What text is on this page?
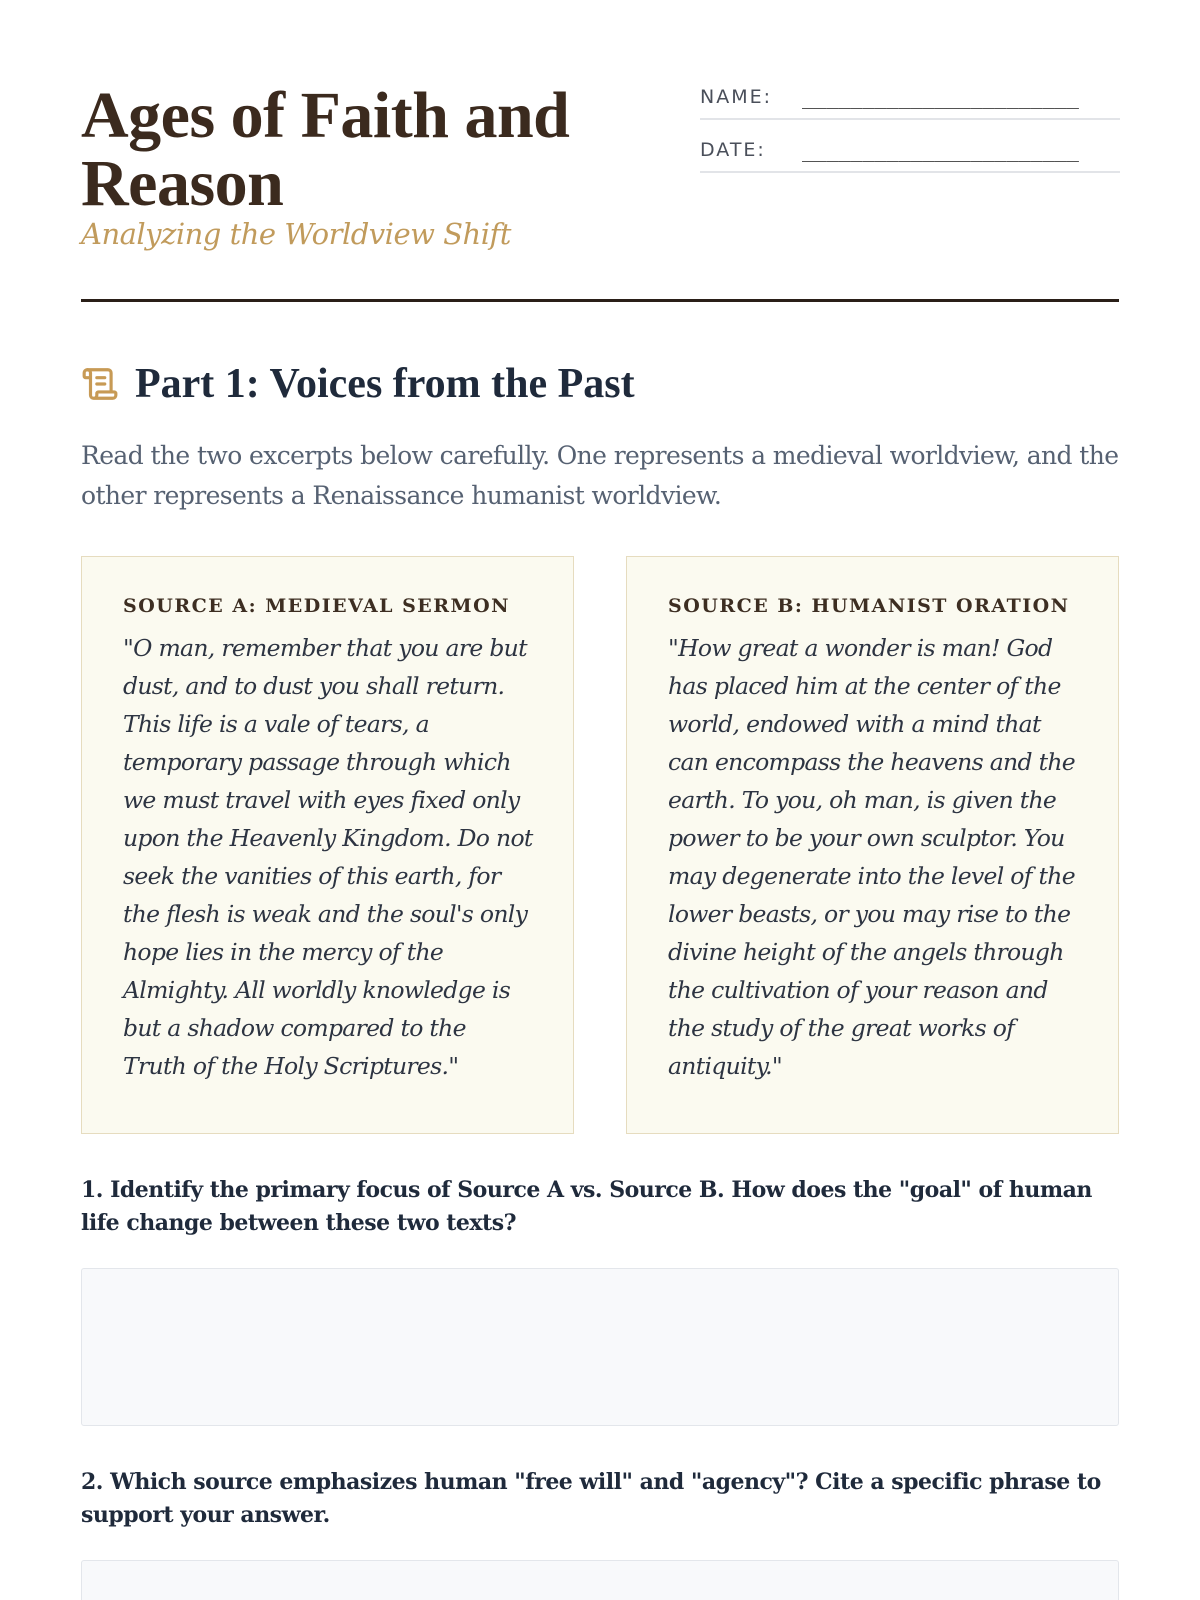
Ages of Faith and Reason

Analyzing the Worldview Shift

NAME:	_______________________
DATE:	_______________________
Part 1: Voices from the Past

Read the two excerpts below carefully. One represents a medieval worldview, and the other represents a Renaissance humanist worldview.

SOURCE A: MEDIEVAL SERMON

"O man, remember that you are but dust, and to dust you shall return. This life is a vale of tears, a temporary passage through which we must travel with eyes fixed only upon the Heavenly Kingdom. Do not seek the vanities of this earth, for the flesh is weak and the soul's only hope lies in the mercy of the Almighty. All worldly knowledge is but a shadow compared to the Truth of the Holy Scriptures."

SOURCE B: HUMANIST ORATION

"How great a wonder is man! God has placed him at the center of the world, endowed with a mind that can encompass the heavens and the earth. To you, oh man, is given the power to be your own sculptor. You may degenerate into the level of the lower beasts, or you may rise to the divine height of the angels through the cultivation of your reason and the study of the great works of antiquity."

1. Identify the primary focus of Source A vs. Source B. How does the "goal" of human life change between these two texts?

2. Which source emphasizes human "free will" and "agency"? Cite a specific phrase to support your answer.
